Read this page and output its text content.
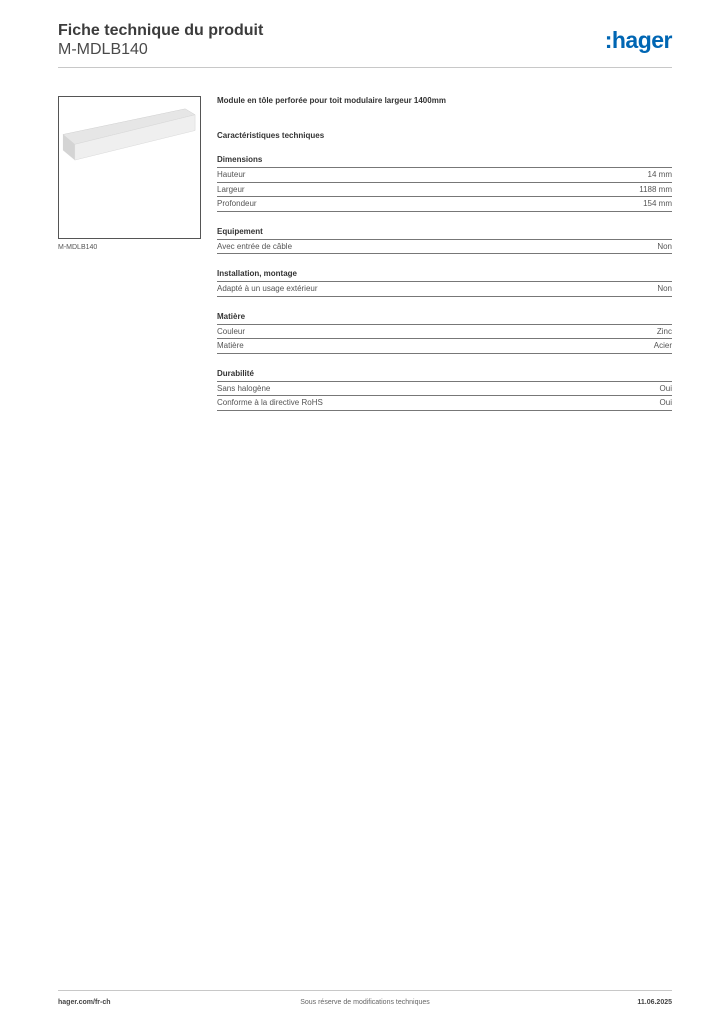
Fiche technique du produit
M-MDLB140	:hager
M-MDLB140
Module en tôle perforée pour toit modulaire largeur 1400mm
Caractéristiques techniques
Dimensions
Hauteur	14 mm
Largeur	1188 mm
Profondeur	154 mm
Equipement
Avec entrée de câble	Non
Installation, montage
Adapté à un usage extérieur	Non
Matière
Couleur	Zinc
Matière	Acier
Durabilité
Sans halogène	Oui
Conforme à la directive RoHS	Oui
hager.com/fr-ch	Sous réserve de modifications techniques	11.06.2025
